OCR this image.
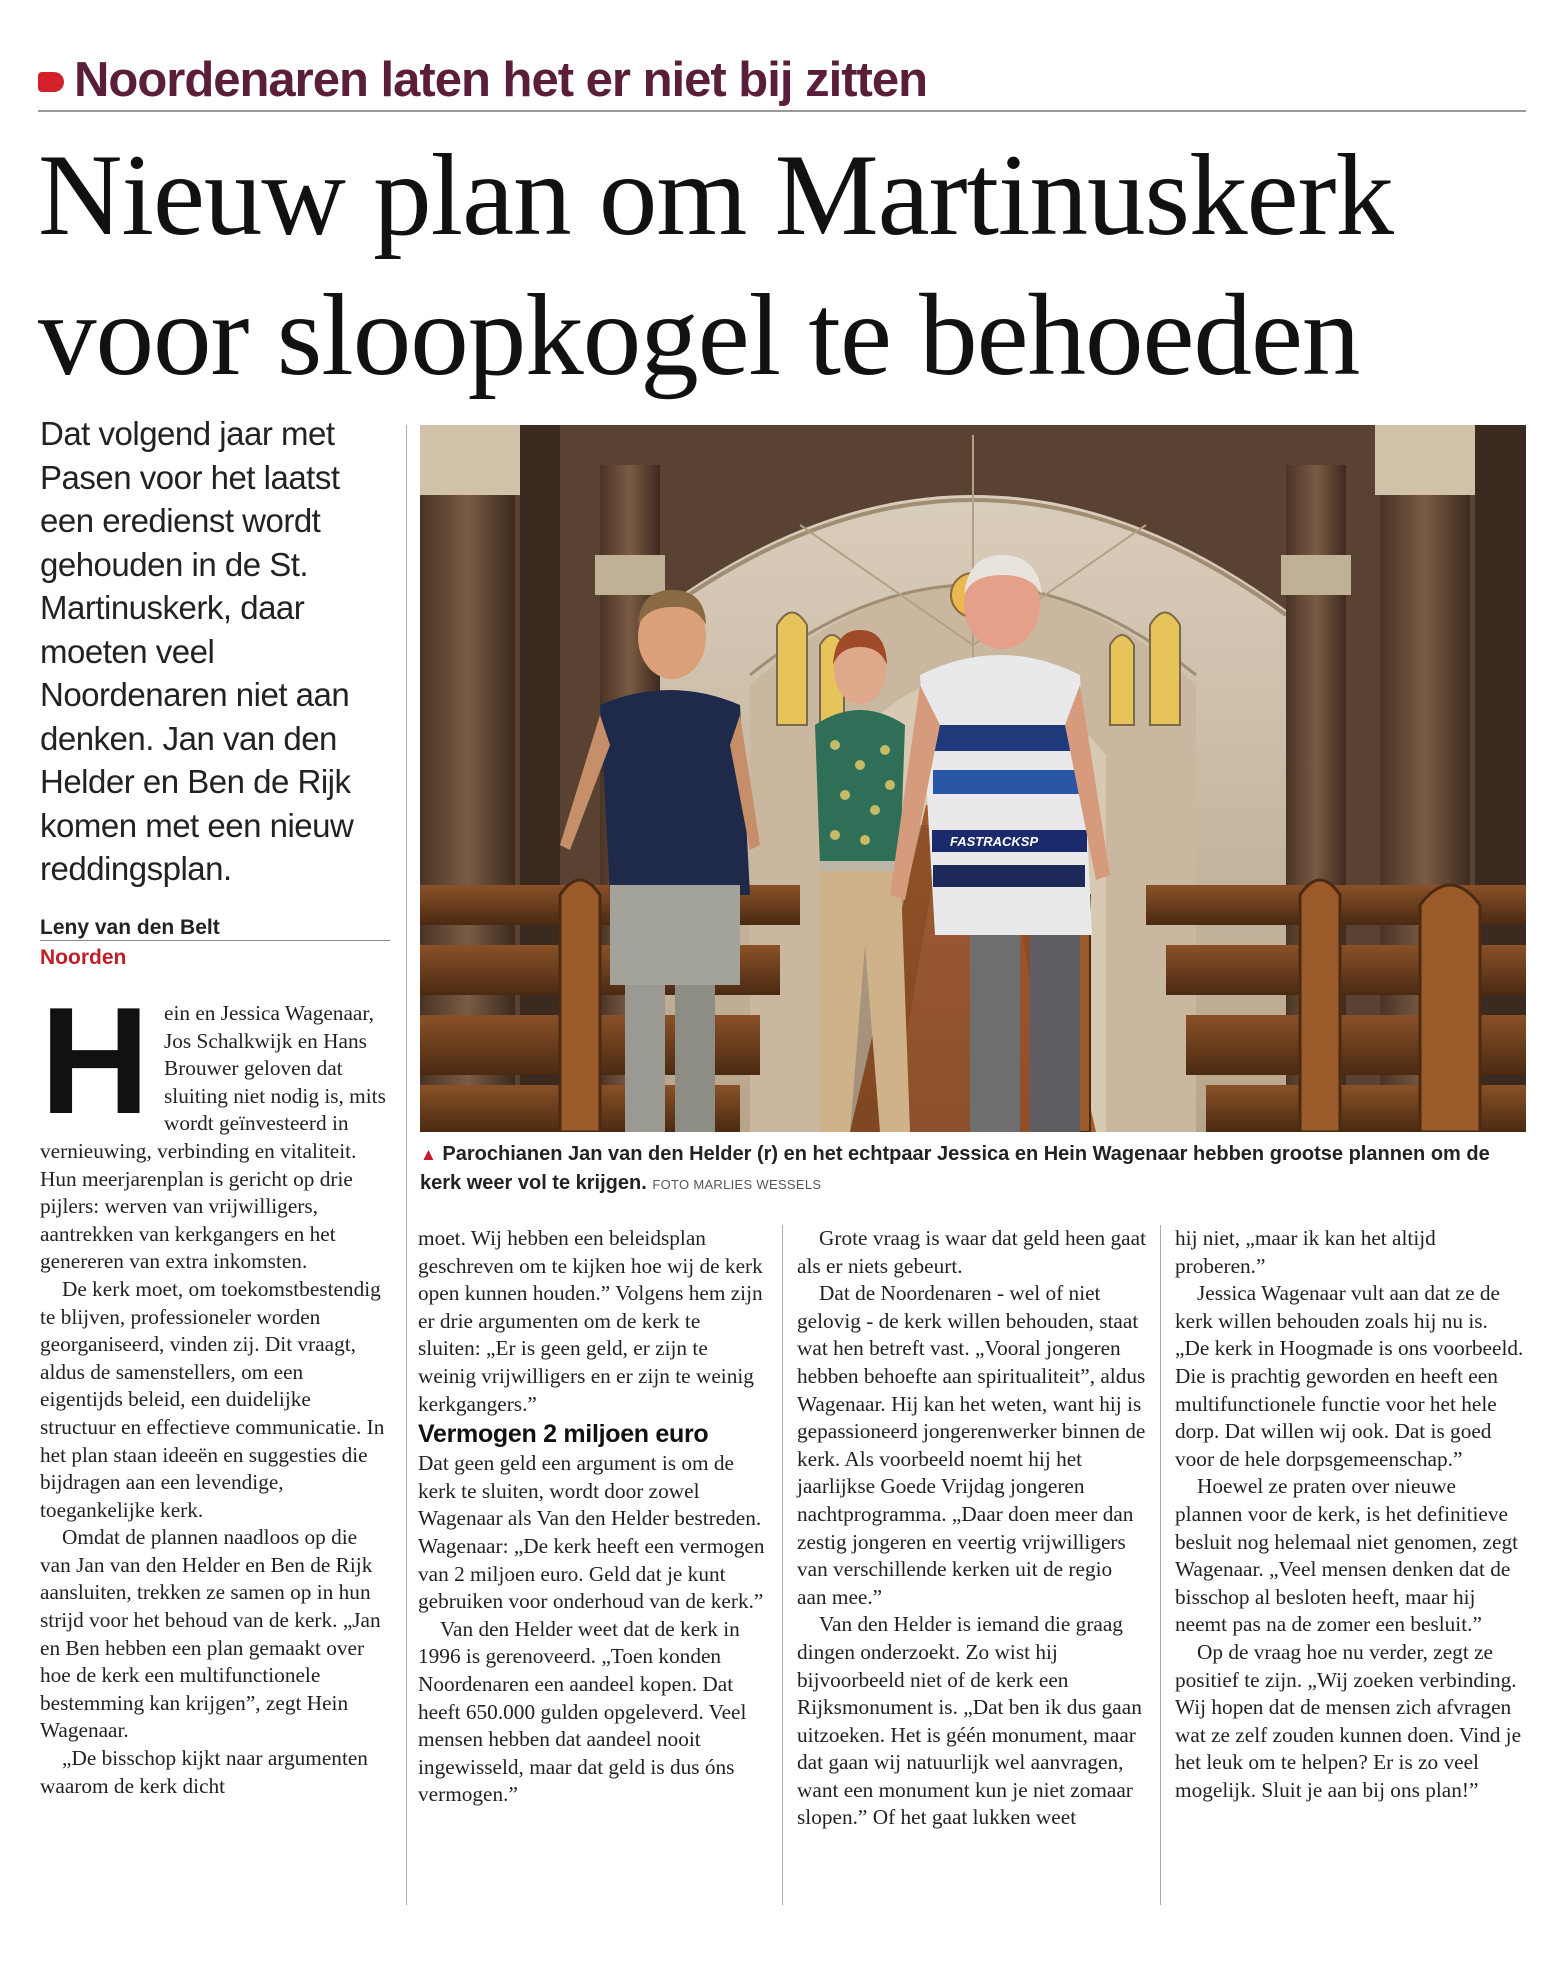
Noordenaren laten het er niet bij zitten
Nieuw plan om Martinuskerk
voor sloopkogel te behoeden

Dat volgend jaar met Pasen voor het laatst een eredienst wordt gehouden in de St. Martinuskerk, daar moeten veel Noordenaren niet aan denken. Jan van den Helder en Ben de Rijk komen met een nieuw reddingsplan.

Leny van den Belt
Noorden
FASTRACKSP
▲ Parochianen Jan van den Helder (r) en het echtpaar Jessica en Hein Wagenaar hebben grootse plannen om de kerk weer vol te krijgen. FOTO MARLIES WESSELS

Hein en Jessica Wagenaar, Jos Schalkwijk en Hans Brouwer geloven dat sluiting niet nodig is, mits wordt geïnvesteerd in vernieuwing, verbinding en vitaliteit. Hun meerjarenplan is gericht op drie pijlers: werven van vrijwilligers, aantrekken van kerkgangers en het genereren van extra inkomsten.

De kerk moet, om toekomstbestendig te blijven, professioneler worden georganiseerd, vinden zij. Dit vraagt, aldus de samenstellers, om een eigentijds beleid, een duidelijke structuur en effectieve communicatie. In het plan staan ideeën en suggesties die bijdragen aan een levendige, toegankelijke kerk.

Omdat de plannen naadloos op die van Jan van den Helder en Ben de Rijk aansluiten, trekken ze samen op in hun strijd voor het behoud van de kerk. „Jan en Ben hebben een plan gemaakt over hoe de kerk een multifunctionele bestemming kan krijgen”, zegt Hein Wagenaar.

„De bisschop kijkt naar argumenten waarom de kerk dicht

moet. Wij hebben een beleidsplan geschreven om te kijken hoe wij de kerk open kunnen houden.” Volgens hem zijn er drie argumenten om de kerk te sluiten: „Er is geen geld, er zijn te weinig vrijwilligers en er zijn te weinig kerkgangers.”

Vermogen 2 miljoen euro

Dat geen geld een argument is om de kerk te sluiten, wordt door zowel Wagenaar als Van den Helder bestreden. Wagenaar: „De kerk heeft een vermogen van 2 miljoen euro. Geld dat je kunt gebruiken voor onderhoud van de kerk.”

Van den Helder weet dat de kerk in 1996 is gerenoveerd. „Toen konden Noordenaren een aandeel kopen. Dat heeft 650.000 gulden opgeleverd. Veel mensen hebben dat aandeel nooit ingewisseld, maar dat geld is dus óns vermogen.”

Grote vraag is waar dat geld heen gaat als er niets gebeurt.

Dat de Noordenaren - wel of niet gelovig - de kerk willen behouden, staat wat hen betreft vast. „Vooral jongeren hebben behoefte aan spiritualiteit”, aldus Wagenaar. Hij kan het weten, want hij is gepassioneerd jongerenwerker binnen de kerk. Als voorbeeld noemt hij het jaarlijkse Goede Vrijdag jongeren nachtprogramma. „Daar doen meer dan zestig jongeren en veertig vrijwilligers van verschillende kerken uit de regio aan mee.”

Van den Helder is iemand die graag dingen onderzoekt. Zo wist hij bijvoorbeeld niet of de kerk een Rijksmonument is. „Dat ben ik dus gaan uitzoeken. Het is géén monument, maar dat gaan wij natuurlijk wel aanvragen, want een monument kun je niet zomaar slopen.” Of het gaat lukken weet

hij niet, „maar ik kan het altijd proberen.”

Jessica Wagenaar vult aan dat ze de kerk willen behouden zoals hij nu is. „De kerk in Hoogmade is ons voorbeeld. Die is prachtig geworden en heeft een multifunctionele functie voor het hele dorp. Dat willen wij ook. Dat is goed voor de hele dorpsgemeenschap.”

Hoewel ze praten over nieuwe plannen voor de kerk, is het definitieve besluit nog helemaal niet genomen, zegt Wagenaar. „Veel mensen denken dat de bisschop al besloten heeft, maar hij neemt pas na de zomer een besluit.”

Op de vraag hoe nu verder, zegt ze positief te zijn. „Wij zoeken verbinding. Wij hopen dat de mensen zich afvragen wat ze zelf zouden kunnen doen. Vind je het leuk om te helpen? Er is zo veel mogelijk. Sluit je aan bij ons plan!”
